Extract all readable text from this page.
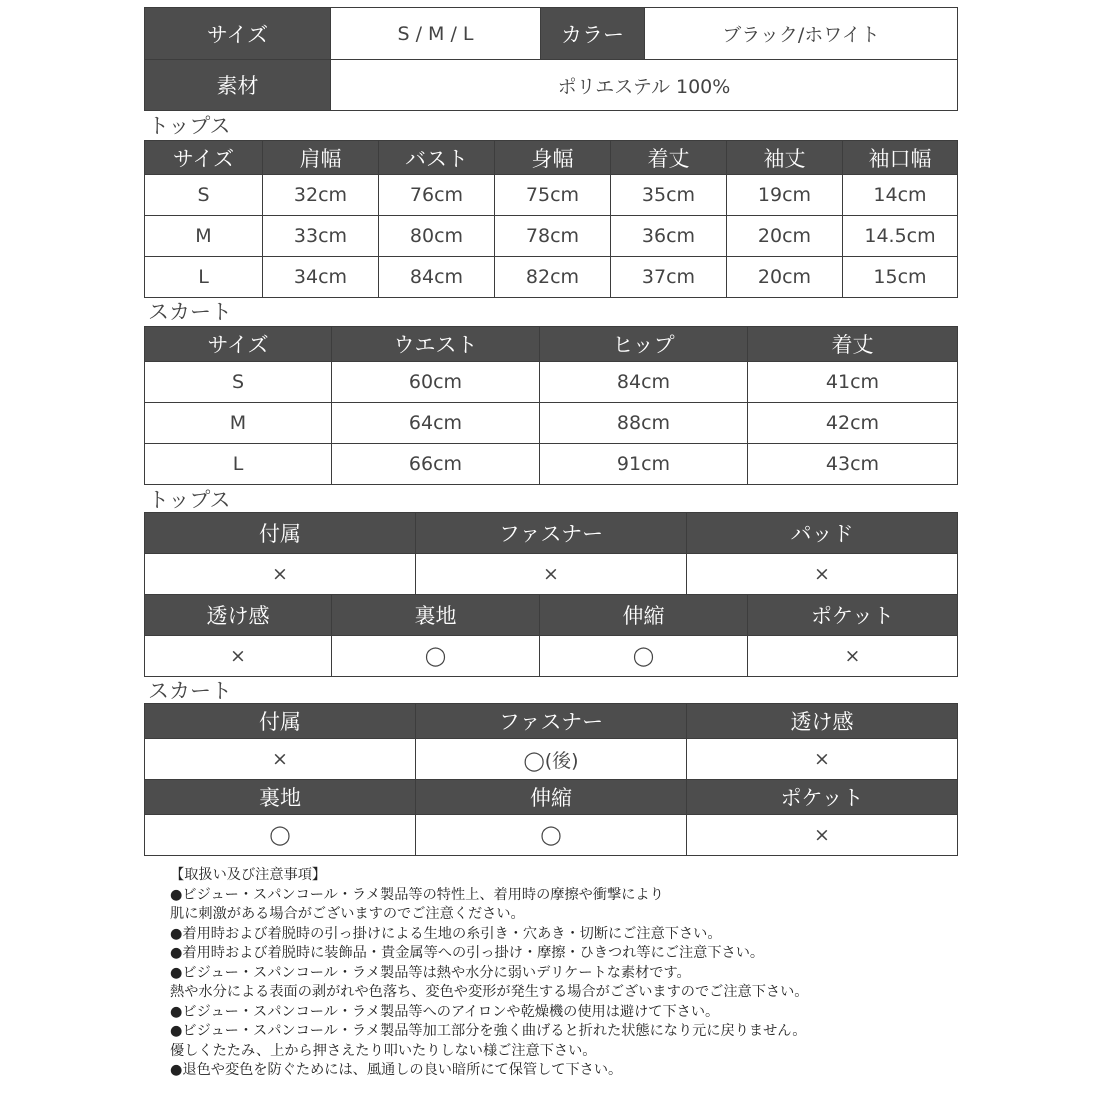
サイズ	S / M / L	カラー	ブラック/ホワイト
素材	ポリエステル 100%		
トップス
サイズ	肩幅	バスト	身幅	着丈	袖丈	袖口幅
S	32cm	76cm	75cm	35cm	19cm	14cm
M	33cm	80cm	78cm	36cm	20cm	14.5cm
L	34cm	84cm	82cm	37cm	20cm	15cm
スカート
サイズ	ウエスト	ヒップ	着丈
S	60cm	84cm	41cm
M	64cm	88cm	42cm
L	66cm	91cm	43cm
トップス
付属	ファスナー	パッド
×	×	×
透け感	裏地	伸縮	ポケット
×	◯	◯	×
スカート
付属	ファスナー	透け感
×	◯(後)	×
裏地	伸縮	ポケット
◯	◯	×
【取扱い及び注意事項】
●ビジュー・スパンコール・ラメ製品等の特性上、着用時の摩擦や衝撃により
肌に刺激がある場合がございますのでご注意ください。
●着用時および着脱時の引っ掛けによる生地の糸引き・穴あき・切断にご注意下さい。
●着用時および着脱時に装飾品・貴金属等への引っ掛け・摩擦・ひきつれ等にご注意下さい。
●ビジュー・スパンコール・ラメ製品等は熱や水分に弱いデリケートな素材です。
熱や水分による表面の剥がれや色落ち、変色や変形が発生する場合がございますのでご注意下さい。
●ビジュー・スパンコール・ラメ製品等へのアイロンや乾燥機の使用は避けて下さい。
●ビジュー・スパンコール・ラメ製品等加工部分を強く曲げると折れた状態になり元に戻りません。
優しくたたみ、上から押さえたり叩いたりしない様ご注意下さい。
●退色や変色を防ぐためには、風通しの良い暗所にて保管して下さい。
